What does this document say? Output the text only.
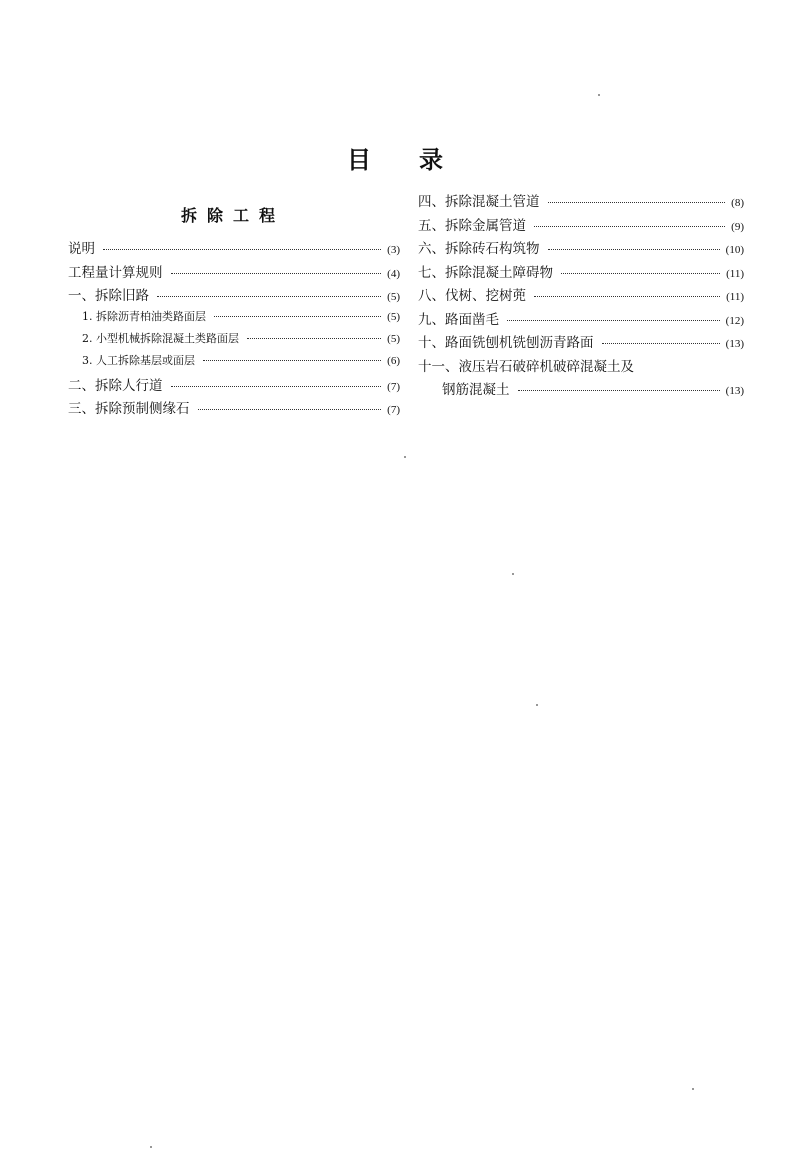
目 录
拆除工程
说明	(3)
工程量计算规则	(4)
一、拆除旧路	(5)
1. 拆除沥青柏油类路面层	(5)
2. 小型机械拆除混凝土类路面层	(5)
3. 人工拆除基层或面层	(6)
二、拆除人行道	(7)
三、拆除预制侧缘石	(7)
四、拆除混凝土管道	(8)
五、拆除金属管道	(9)
六、拆除砖石构筑物	(10)
七、拆除混凝土障碍物	(11)
八、伐树、挖树蔸	(11)
九、路面凿毛	(12)
十、路面铣刨机铣刨沥青路面	(13)
十一、液压岩石破碎机破碎混凝土及
钢筋混凝土	(13)
